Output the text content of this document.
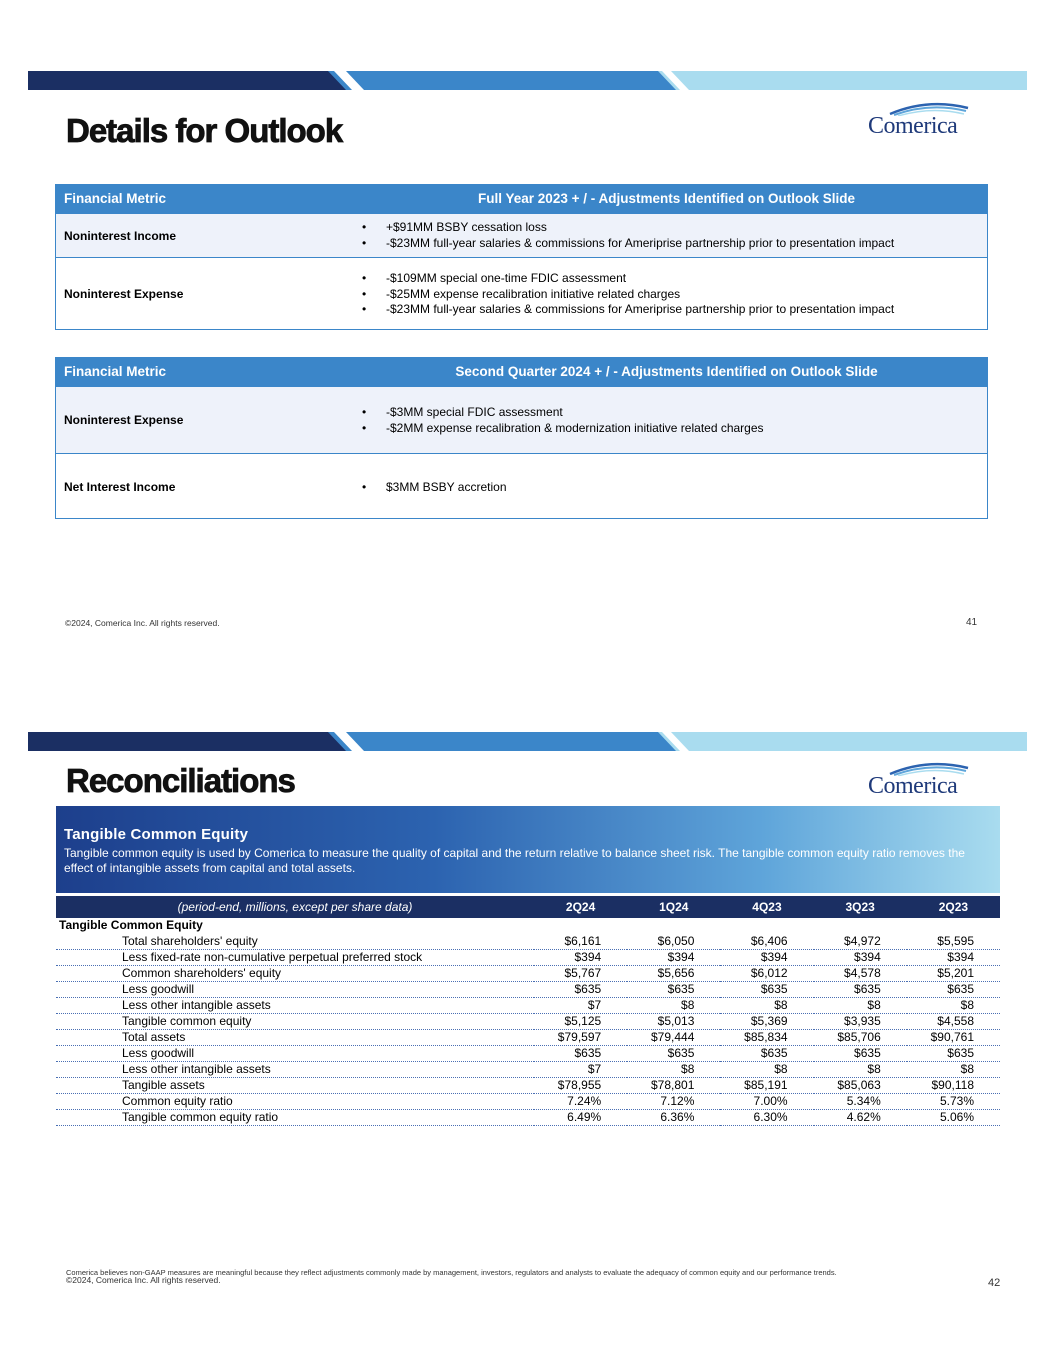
Details for Outlook	Comerica
Financial Metric	Full Year 2023 + / - Adjustments Identified on Outlook Slide
Noninterest Income
• +$91MM BSBY cessation loss
• -$23MM full-year salaries & commissions for Ameriprise partnership prior to presentation impact
Noninterest Expense
• -$109MM special one-time FDIC assessment
• -$25MM expense recalibration initiative related charges
• -$23MM full-year salaries & commissions for Ameriprise partnership prior to presentation impact
Financial Metric	Second Quarter 2024 + / - Adjustments Identified on Outlook Slide
Noninterest Expense
• -$3MM special FDIC assessment
• -$2MM expense recalibration & modernization initiative related charges
Net Interest Income	• $3MM BSBY accretion
©2024, Comerica Inc. All rights reserved.	41
Reconciliations	Comerica
Tangible Common Equity
Tangible common equity is used by Comerica to measure the quality of capital and the return relative to balance sheet risk. The tangible common equity ratio removes the effect of intangible assets from capital and total assets.
(period-end, millions, except per share data)	2Q24	1Q24	4Q23	3Q23	2Q23
Tangible Common Equity					
Total shareholders' equity	$6,161	$6,050	$6,406	$4,972	$5,595
Less fixed-rate non-cumulative perpetual preferred stock	$394	$394	$394	$394	$394
Common shareholders' equity	$5,767	$5,656	$6,012	$4,578	$5,201
Less goodwill	$635	$635	$635	$635	$635
Less other intangible assets	$7	$8	$8	$8	$8
Tangible common equity	$5,125	$5,013	$5,369	$3,935	$4,558
Total assets	$79,597	$79,444	$85,834	$85,706	$90,761
Less goodwill	$635	$635	$635	$635	$635
Less other intangible assets	$7	$8	$8	$8	$8
Tangible assets	$78,955	$78,801	$85,191	$85,063	$90,118
Common equity ratio	7.24%	7.12%	7.00%	5.34%	5.73%
Tangible common equity ratio	6.49%	6.36%	6.30%	4.62%	5.06%
Comerica believes non-GAAP measures are meaningful because they reflect adjustments commonly made by management, investors, regulators and analysts to evaluate the adequacy of common equity and our performance trends.
©2024, Comerica Inc. All rights reserved.	42
